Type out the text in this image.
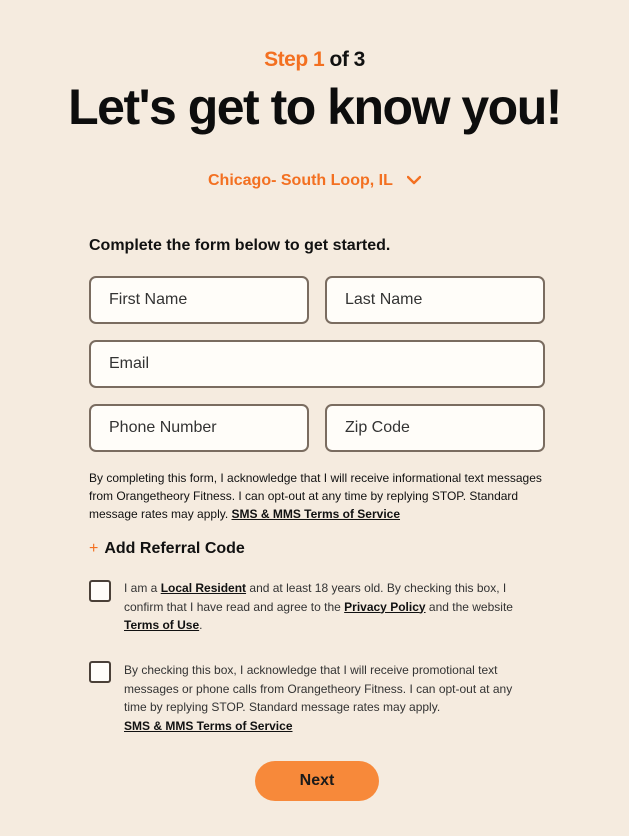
Step 1 of 3
Let's get to know you!
Chicago- South Loop, IL
Complete the form below to get started.
First Name
Last Name
Email
Phone Number
Zip Code
By completing this form, I acknowledge that I will receive informational text messages from Orangetheory Fitness. I can opt-out at any time by replying STOP. Standard message rates may apply. SMS & MMS Terms of Service
+ Add Referral Code
I am a Local Resident and at least 18 years old. By checking this box, I confirm that I have read and agree to the Privacy Policy and the website Terms of Use.
By checking this box, I acknowledge that I will receive promotional text messages or phone calls from Orangetheory Fitness. I can opt-out at any time by replying STOP. Standard message rates may apply.
SMS & MMS Terms of Service
Next
